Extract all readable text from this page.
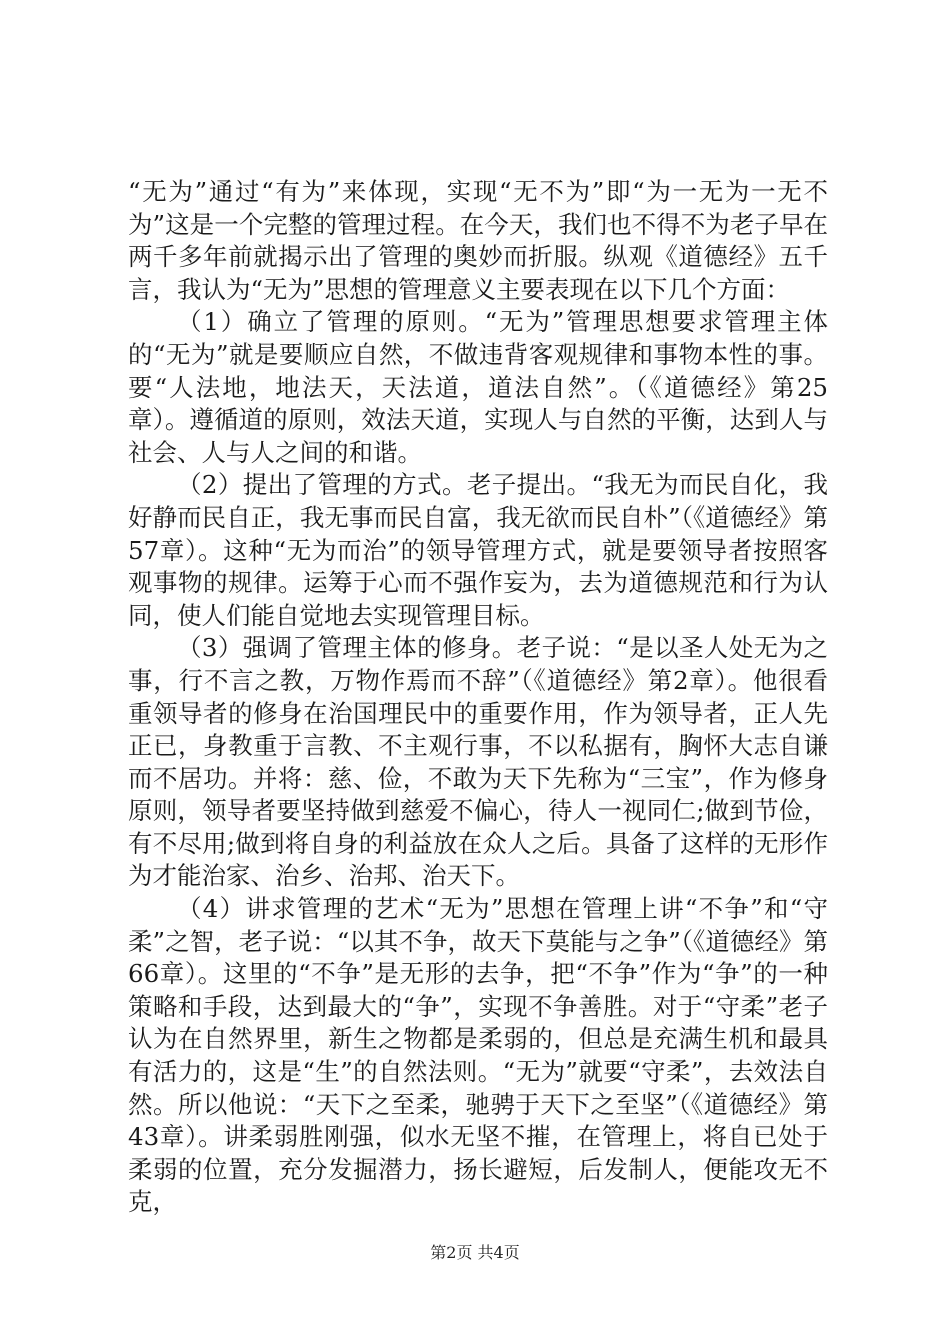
“无为”通过“有为”来体现，实现“无不为”即“为一无为一无不为”这是一个完整的管理过程。在今天，我们也不得不为老子早在两千多年前就揭示出了管理的奥妙而折服。纵观《道德经》五千言，我认为“无为”思想的管理意义主要表现在以下几个方面：

（1）确立了管理的原则。“无为”管理思想要求管理主体的“无为”就是要顺应自然，不做违背客观规律和事物本性的事。要“人法地，地法天，天法道，道法自然”。（《道德经》第25章）。遵循道的原则，效法天道，实现人与自然的平衡，达到人与社会、人与人之间的和谐。

（2）提出了管理的方式。老子提出。“我无为而民自化，我好静而民自正，我无事而民自富，我无欲而民自朴”（《道德经》第57章）。这种“无为而治”的领导管理方式，就是要领导者按照客观事物的规律。运筹于心而不强作妄为，去为道德规范和行为认同，使人们能自觉地去实现管理目标。

（3）强调了管理主体的修身。老子说：“是以圣人处无为之事，行不言之教，万物作焉而不辞”（《道德经》第2章）。他很看重领导者的修身在治国理民中的重要作用，作为领导者，正人先正已，身教重于言教、不主观行事，不以私据有，胸怀大志自谦而不居功。并将：慈、俭，不敢为天下先称为“三宝”，作为修身原则，领导者要坚持做到慈爱不偏心，待人一视同仁;做到节俭，有不尽用;做到将自身的利益放在众人之后。具备了这样的无形作为才能治家、治乡、治邦、治天下。

（4）讲求管理的艺术“无为”思想在管理上讲“不争”和“守柔”之智，老子说：“以其不争，故天下莫能与之争”（《道德经》第66章）。这里的“不争”是无形的去争，把“不争”作为“争”的一种策略和手段，达到最大的“争”，实现不争善胜。对于“守柔”老子认为在自然界里，新生之物都是柔弱的，但总是充满生机和最具有活力的，这是“生”的自然法则。“无为”就要“守柔”，去效法自然。所以他说：“天下之至柔，驰骋于天下之至坚”（《道德经》第43章）。讲柔弱胜刚强，似水无坚不摧，在管理上，将自已处于柔弱的位置，充分发掘潜力，扬长避短，后发制人，便能攻无不克，

第2页 共4页
